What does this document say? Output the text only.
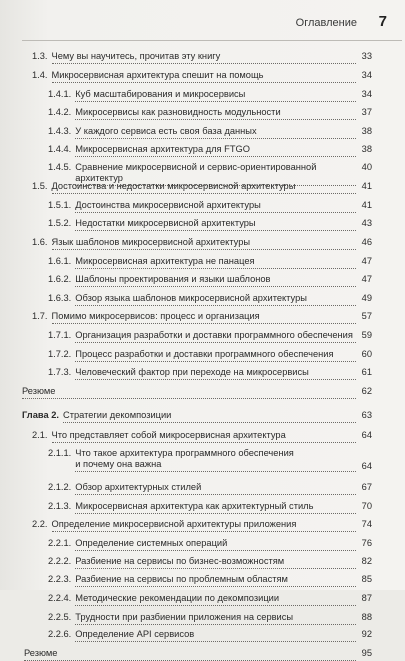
Оглавление 7
1.3. Чему вы научитесь, прочитав эту книгу	33
1.4. Микросервисная архитектура спешит на помощь	34
1.4.1. Куб масштабирования и микросервисы	34
1.4.2. Микросервисы как разновидность модульности	37
1.4.3. У каждого сервиса есть своя база данных	38
1.4.4. Микросервисная архитектура для FTGO	38
1.4.5. Сравнение микросервисной и сервис-ориентированной архитектур
40
1.5. Достоинства и недостатки микросервисной архитектуры	41
1.5.1. Достоинства микросервисной архитектуры	41
1.5.2. Недостатки микросервисной архитектуры	43
1.6. Язык шаблонов микросервисной архитектуры	46
1.6.1. Микросервисная архитектура не панацея	47
1.6.2. Шаблоны проектирования и языки шаблонов	47
1.6.3. Обзор языка шаблонов микросервисной архитектуры	49
1.7. Помимо микросервисов: процесс и организация	57
1.7.1. Организация разработки и доставки программного обеспечения 59
1.7.2. Процесс разработки и доставки программного обеспечения	60
1.7.3. Человеческий фактор при переходе на микросервисы	61
Резюме	62
Глава 2. Стратегии декомпозиции	63
2.1. Что представляет собой микросервисная архитектура	64
2.1.1. Что такое архитектура программного обеспечения
и почему она важна	64
2.1.2. Обзор архитектурных стилей	67
2.1.3. Микросервисная архитектура как архитектурный стиль	70
2.2. Определение микросервисной архитектуры приложения	74
2.2.1. Определение системных операций	76
2.2.2. Разбиение на сервисы по бизнес-возможностям	82
2.2.3. Разбиение на сервисы по проблемным областям	85
2.2.4. Методические рекомендации по декомпозиции	87
2.2.5. Трудности при разбиении приложения на сервисы	88
2.2.6. Определение API сервисов	92
Резюме	95
